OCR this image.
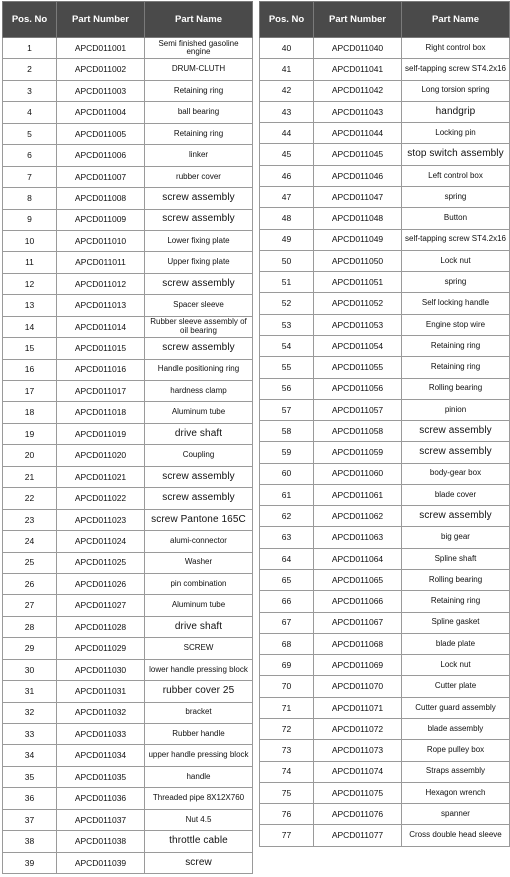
Pos. No	Part Number	Part Name
1	APCD011001	Semi finished gasoline engine
2	APCD011002	DRUM-CLUTH
3	APCD011003	Retaining ring
4	APCD011004	ball bearing
5	APCD011005	Retaining ring
6	APCD011006	linker
7	APCD011007	rubber cover
8	APCD011008	screw assembly
9	APCD011009	screw assembly
10	APCD011010	Lower fixing plate
11	APCD011011	Upper fixing plate
12	APCD011012	screw assembly
13	APCD011013	Spacer sleeve
14	APCD011014	Rubber sleeve assembly of oil bearing
15	APCD011015	screw assembly
16	APCD011016	Handle positioning ring
17	APCD011017	hardness clamp
18	APCD011018	Aluminum tube
19	APCD011019	drive shaft
20	APCD011020	Coupling
21	APCD011021	screw assembly
22	APCD011022	screw assembly
23	APCD011023	screw Pantone 165C
24	APCD011024	alumi-connector
25	APCD011025	Washer
26	APCD011026	pin combination
27	APCD011027	Aluminum tube
28	APCD011028	drive shaft
29	APCD011029	SCREW
30	APCD011030	lower handle pressing block
31	APCD011031	rubber cover 25
32	APCD011032	bracket
33	APCD011033	Rubber handle
34	APCD011034	upper handle pressing block
35	APCD011035	handle
36	APCD011036	Threaded pipe 8X12X760
37	APCD011037	Nut 4.5
38	APCD011038	throttle cable
39	APCD011039	screw
Pos. No	Part Number	Part Name
40	APCD011040	Right control box
41	APCD011041	self-tapping screw ST4.2x16
42	APCD011042	Long torsion spring
43	APCD011043	handgrip
44	APCD011044	Locking pin
45	APCD011045	stop switch assembly
46	APCD011046	Left control box
47	APCD011047	spring
48	APCD011048	Button
49	APCD011049	self-tapping screw ST4.2x16
50	APCD011050	Lock nut
51	APCD011051	spring
52	APCD011052	Self locking handle
53	APCD011053	Engine stop wire
54	APCD011054	Retaining ring
55	APCD011055	Retaining ring
56	APCD011056	Rolling bearing
57	APCD011057	pinion
58	APCD011058	screw assembly
59	APCD011059	screw assembly
60	APCD011060	body-gear box
61	APCD011061	blade cover
62	APCD011062	screw assembly
63	APCD011063	big gear
64	APCD011064	Spline shaft
65	APCD011065	Rolling bearing
66	APCD011066	Retaining ring
67	APCD011067	Spline gasket
68	APCD011068	blade plate
69	APCD011069	Lock nut
70	APCD011070	Cutter plate
71	APCD011071	Cutter guard assembly
72	APCD011072	blade assembly
73	APCD011073	Rope pulley box
74	APCD011074	Straps assembly
75	APCD011075	Hexagon wrench
76	APCD011076	spanner
77	APCD011077	Cross double head sleeve
